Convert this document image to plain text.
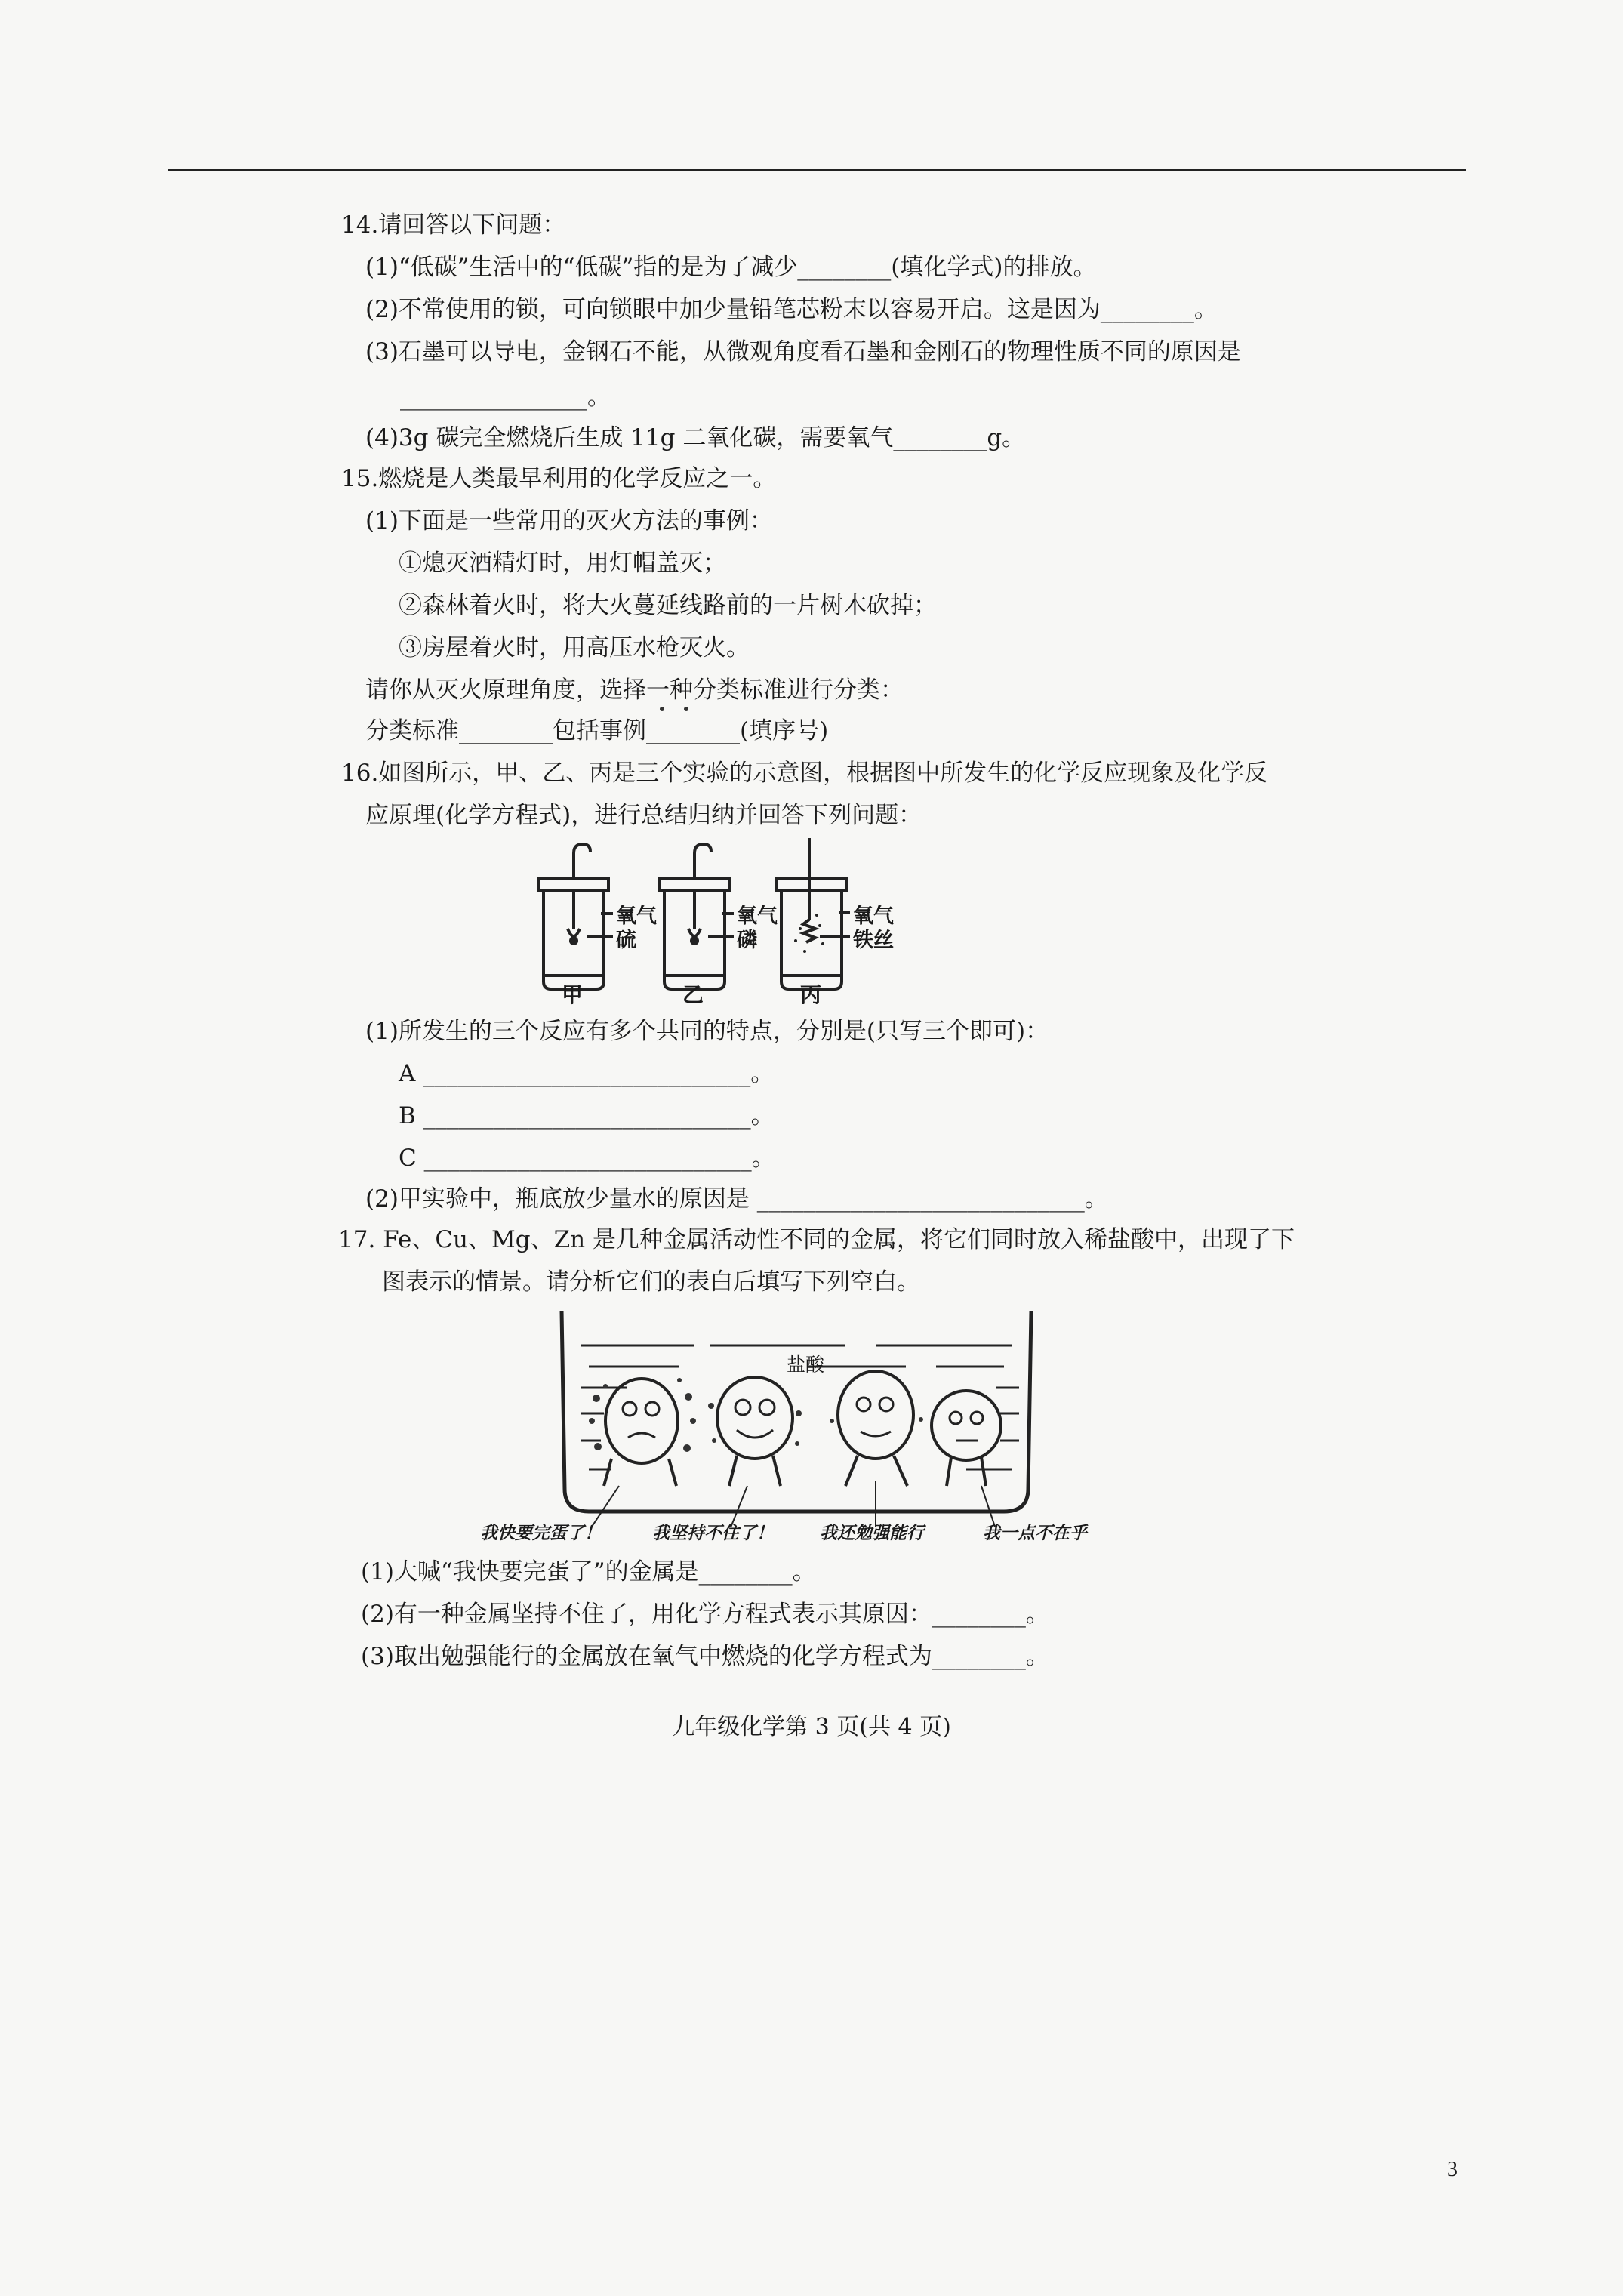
14.请回答以下问题：
(1)“低碳”生活中的“低碳”指的是为了减少________(填化学式)的排放。
(2)不常使用的锁，可向锁眼中加少量铅笔芯粉末以容易开启。这是因为________。
(3)石墨可以导电，金钢石不能，从微观角度看石墨和金刚石的物理性质不同的原因是
________________。
(4)3g 碳完全燃烧后生成 11g 二氧化碳，需要氧气________g。
15.燃烧是人类最早利用的化学反应之一。
(1)下面是一些常用的灭火方法的事例：
①熄灭酒精灯时，用灯帽盖灭；
②森林着火时，将大火蔓延线路前的一片树木砍掉；
③房屋着火时，用高压水枪灭火。
请你从灭火原理角度，选择一种分类标准进行分类：
分类标准________包括事例________(填序号)
16.如图所示，甲、乙、丙是三个实验的示意图，根据图中所发生的化学反应现象及化学反
应原理(化学方程式)，进行总结归纳并回答下列问题：
氧气
硫
氧气
磷
氧气
铁丝
甲	乙	丙
(1)所发生的三个反应有多个共同的特点，分别是(只写三个即可)：
A ____________________________。
B ____________________________。
C ____________________________。
(2)甲实验中，瓶底放少量水的原因是 ____________________________。
17. Fe、Cu、Mg、Zn 是几种金属活动性不同的金属，将它们同时放入稀盐酸中，出现了下
图表示的情景。请分析它们的表白后填写下列空白。
盐酸
我快要完蛋了！	我坚持不住了！	我还勉强能行	我一点不在乎
(1)大喊“我快要完蛋了”的金属是________。
(2)有一种金属坚持不住了，用化学方程式表示其原因：________。
(3)取出勉强能行的金属放在氧气中燃烧的化学方程式为________。
九年级化学第 3 页(共 4 页)
3
